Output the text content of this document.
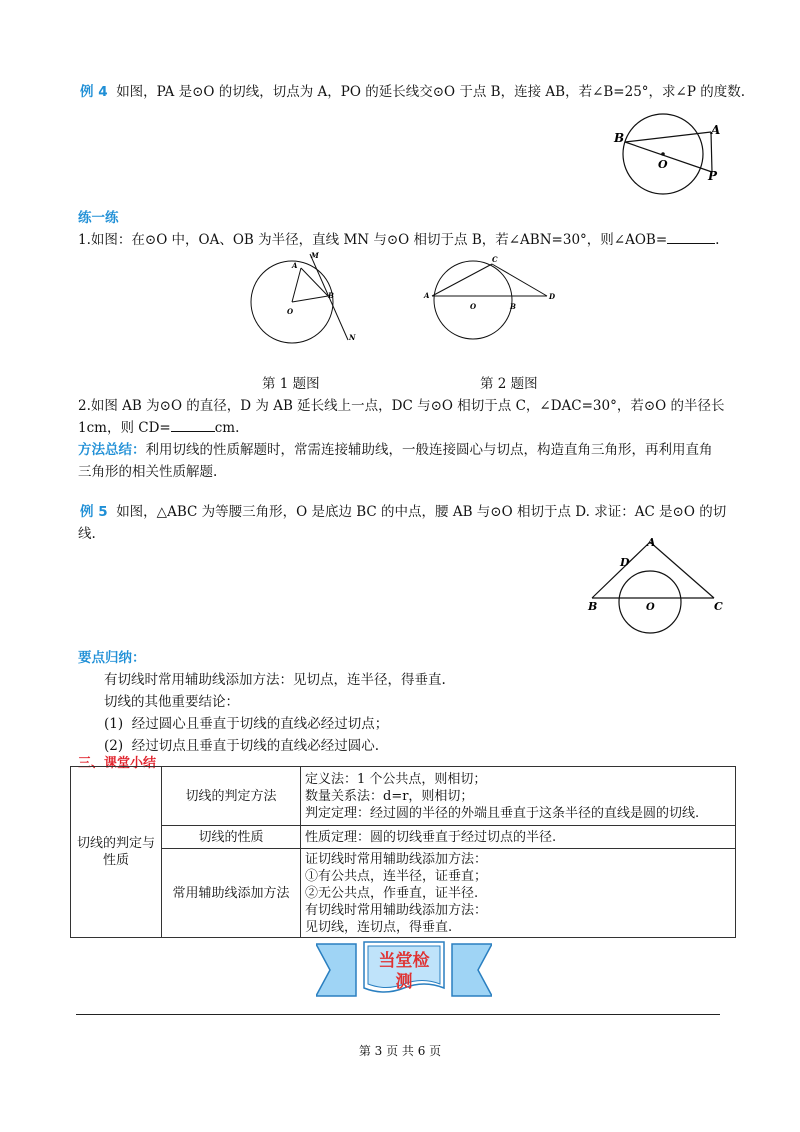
例 4 如图，PA 是⊙O 的切线，切点为 A，PO 的延长线交⊙O 于点 B，连接 AB，若∠B=25°，求∠P 的度数.
B
A
O
P
练一练
1.如图：在⊙O 中，OA、OB 为半径，直线 MN 与⊙O 相切于点 B，若∠ABN=30°，则∠AOB=	.
A
B
O
M
N
A
B
C
D
O
第 1 题图	第 2 题图
2.如图 AB 为⊙O 的直径，D 为 AB 延长线上一点，DC 与⊙O 相切于点 C，∠DAC=30°，若⊙O 的半径长
1cm，则 CD=	cm.
方法总结：利用切线的性质解题时，常需连接辅助线，一般连接圆心与切点，构造直角三角形，再利用直角
三角形的相关性质解题.
例 5 如图，△ABC 为等腰三角形，O 是底边 BC 的中点，腰 AB 与⊙O 相切于点 D. 求证：AC 是⊙O 的切
线.
A
D
B	O	C
要点归纳：
有切线时常用辅助线添加方法：见切点，连半径，得垂直.
切线的其他重要结论：
(1) 经过圆心且垂直于切线的直线必经过切点；
(2) 经过切点且垂直于切线的直线必经过圆心.
三、课堂小结
切线的判定与性质	切线的判定方法	定义法：1 个公共点，则相切；
数量关系法：d=r，则相切；
判定定理：经过圆的半径的外端且垂直于这条半径的直线是圆的切线.

	切线的性质	性质定理：圆的切线垂直于经过切点的半径.

	常用辅助线添加方法	证切线时常用辅助线添加方法：
①有公共点，连半径，证垂直；
②无公共点，作垂直，证半径.
有切线时常用辅助线添加方法：
见切线，连切点，得垂直.
当堂检
测
第 3 页 共 6 页
